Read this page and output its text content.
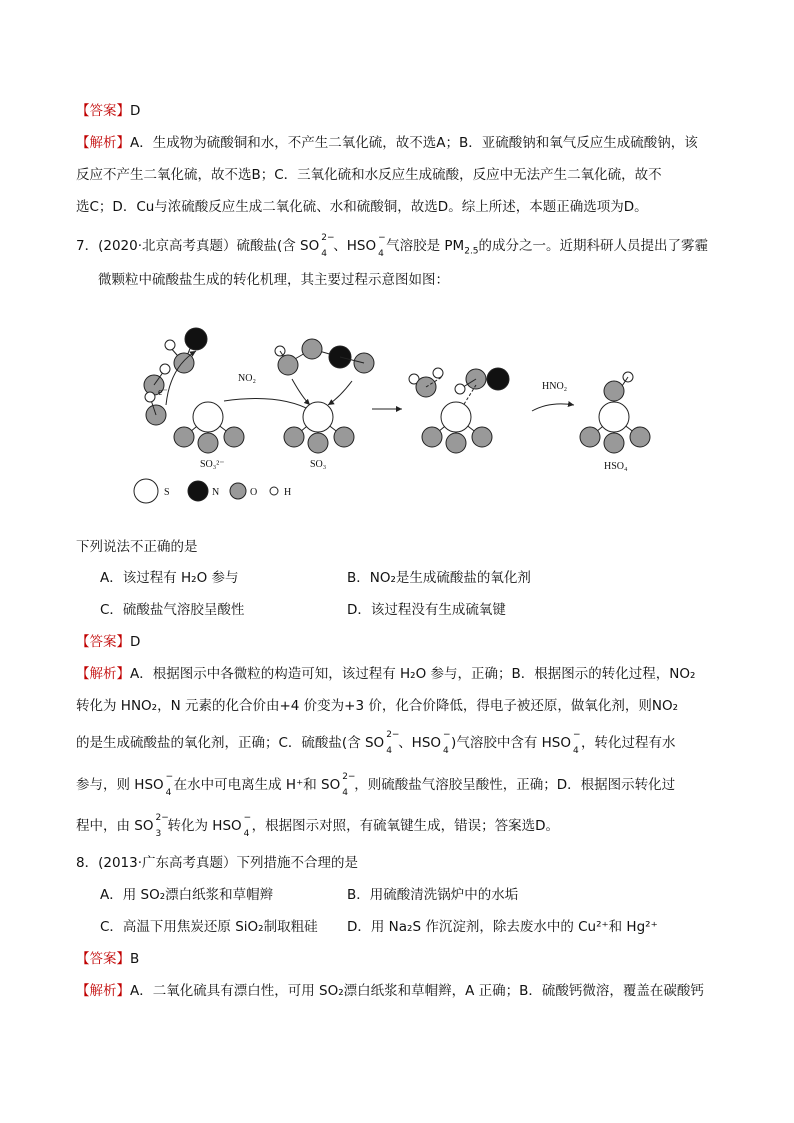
【答案】D
【解析】A．生成物为硫酸铜和水，不产生二氧化硫，故不选A；B．亚硫酸钠和氧气反应生成硫酸钠，该
反应不产生二氧化硫，故不选B；C．三氧化硫和水反应生成硫酸，反应中无法产生二氧化硫，故不
选C；D．Cu与浓硫酸反应生成二氧化硫、水和硫酸铜，故选D。综上所述，本题正确选项为D。
7．(2020·北京高考真题）硫酸盐(含 SO 2−
4 、HSO −
4 气溶胶是 $PM_{2.5}$的成分之一。近期科研人员提出了雾霾
微颗粒中硫酸盐生成的转化机理，其主要过程示意图如图：
e⁻
NO₂
SO₃²⁻	SO₃
HNO₂
HSO₄
S	N	O	H
下列说法不正确的是
A．该过程有 H₂O 参与	B．NO₂是生成硫酸盐的氧化剂
C．硫酸盐气溶胶呈酸性	D．该过程没有生成硫氧键
【答案】D
【解析】A．根据图示中各微粒的构造可知，该过程有 H₂O 参与，正确；B．根据图示的转化过程，NO₂
转化为 HNO₂，N 元素的化合价由+4 价变为+3 价，化合价降低，得电子被还原，做氧化剂，则NO₂
的是生成硫酸盐的氧化剂，正确；C．硫酸盐(含 SO 2−
4 、HSO −
4 )气溶胶中含有 HSO −
4 ，转化过程有水
参与，则 HSO −
4 在水中可电离生成 H⁺和 SO 2−
4 ，则硫酸盐气溶胶呈酸性，正确；D．根据图示转化过
程中，由 SO 2−
3 转化为 HSO −
4 ，根据图示对照，有硫氧键生成，错误；答案选D。
8．(2013·广东高考真题）下列措施不合理的是
A．用 SO₂漂白纸浆和草帽辫	B．用硫酸清洗锅炉中的水垢
C．高温下用焦炭还原 SiO₂制取粗硅 D．用 Na₂S 作沉淀剂，除去废水中的 Cu²⁺和 Hg²⁺
【答案】B
【解析】A．二氧化硫具有漂白性，可用 SO₂漂白纸浆和草帽辫，A 正确；B．硫酸钙微溶，覆盖在碳酸钙
